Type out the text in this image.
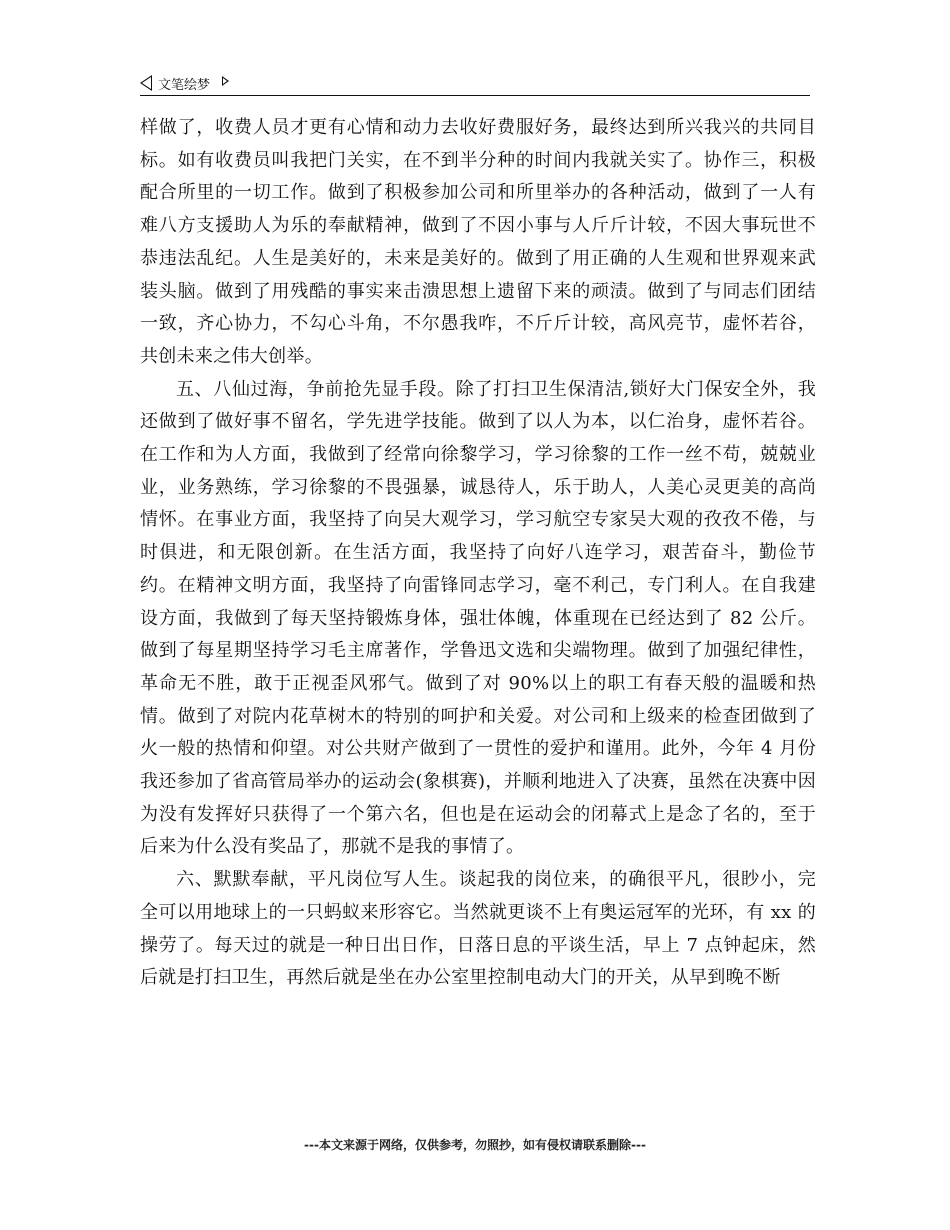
文笔绘梦

样做了，收费人员才更有心情和动力去收好费服好务，最终达到所兴我兴的共同目标。如有收费员叫我把门关实，在不到半分种的时间内我就关实了。协作三，积极配合所里的一切工作。做到了积极参加公司和所里举办的各种活动，做到了一人有难八方支援助人为乐的奉献精神，做到了不因小事与人斤斤计较，不因大事玩世不恭违法乱纪。人生是美好的，未来是美好的。做到了用正确的人生观和世界观来武装头脑。做到了用残酷的事实来击溃思想上遗留下来的顽渍。做到了与同志们团结一致，齐心协力，不勾心斗角，不尔愚我咋，不斤斤计较，高风亮节，虚怀若谷，共创未来之伟大创举。

五、八仙过海，争前抢先显手段。除了打扫卫生保清洁,锁好大门保安全外，我还做到了做好事不留名，学先进学技能。做到了以人为本，以仁治身，虚怀若谷。在工作和为人方面，我做到了经常向徐黎学习，学习徐黎的工作一丝不苟，兢兢业业，业务熟练，学习徐黎的不畏强暴，诚恳待人，乐于助人，人美心灵更美的高尚情怀。在事业方面，我坚持了向吴大观学习，学习航空专家吴大观的孜孜不倦，与时俱进，和无限创新。在生活方面，我坚持了向好八连学习，艰苦奋斗，勤俭节约。在精神文明方面，我坚持了向雷锋同志学习，毫不利己，专门利人。在自我建设方面，我做到了每天坚持锻炼身体，强壮体魄，体重现在已经达到了 82 公斤。做到了每星期坚持学习毛主席著作，学鲁迅文选和尖端物理。做到了加强纪律性，革命无不胜，敢于正视歪风邪气。做到了对 90%以上的职工有春天般的温暖和热情。做到了对院内花草树木的特别的呵护和关爱。对公司和上级来的检查团做到了火一般的热情和仰望。对公共财产做到了一贯性的爱护和谨用。此外，今年 4 月份我还参加了省高管局举办的运动会(象棋赛)，并顺利地进入了决赛，虽然在决赛中因为没有发挥好只获得了一个第六名，但也是在运动会的闭幕式上是念了名的，至于后来为什么没有奖品了，那就不是我的事情了。

六、默默奉献，平凡岗位写人生。谈起我的岗位来，的确很平凡，很眇小，完全可以用地球上的一只蚂蚁来形容它。当然就更谈不上有奥运冠军的光环，有 xx 的操劳了。每天过的就是一种日出日作，日落日息的平谈生活，早上 7 点钟起床，然后就是打扫卫生，再然后就是坐在办公室里控制电动大门的开关，从早到晚不断

---本文来源于网络，仅供参考，勿照抄，如有侵权请联系删除---
